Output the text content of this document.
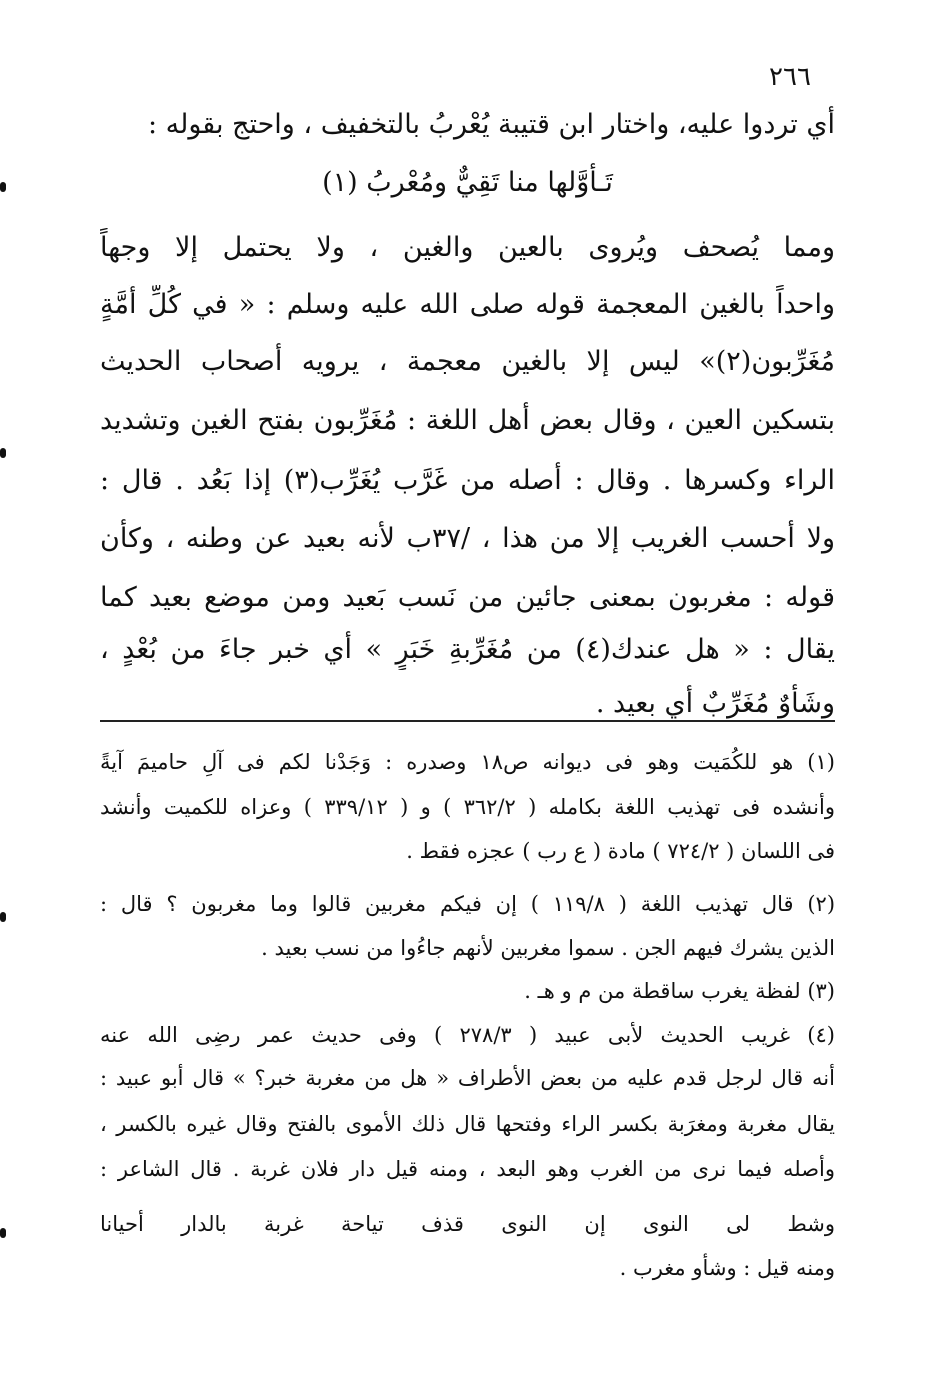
٢٦٦
أي تردوا عليه، واختار ابن قتيبة يُعْربُ بالتخفيف ، واحتج بقوله :
تَـأَوَّلها منا تَقِيٌّ ومُعْربُ (١)
ومما يُصحف ويُروى بالعين والغين ، ولا يحتمل إلا وجهاً
واحداً بالغين المعجمة قوله صلى الله عليه وسلم : « في كُلِّ أُمَّةٍ
مُغَرِّبون(٢)» ليس إلا بالغين معجمة ، يرويه أصحاب الحديث
بتسكين العين ، وقال بعض أهل اللغة : مُغَرِّبون بفتح الغين وتشديد
الراء وكسرها . وقال : أصله من غَرَّب يُغَرِّب(٣) إذا بَعُد . قال :
ولا أحسب الغريب إلا من هذا ، /٣٧ب لأنه بعيد عن وطنه ، وكأن
قوله : مغربون بمعنى جائين من نَسب بَعيد ومن موضع بعيد كما
يقال : « هل عندك(٤) من مُغَرِّبةِ خَبَرٍ » أي خبر جاءَ من بُعْدٍ ،
وشَأْوٌ مُغَرِّبٌ أي بعيد .
(١) هو للكُمَيت وهو فى ديوانه ص١٨ وصدره : وَجَدْنا لكم فى آلِ حاميمَ آيةً
وأنشده فى تهذيب اللغة بكامله ( ٣٦٢/٢ ) و ( ٣٣٩/١٢ ) وعزاه للكميت وأنشد
فى اللسان ( ٧٢٤/٢ ) مادة ( ع رب ) عجزه فقط .
(٢) قال تهذيب اللغة ( ١١٩/٨ ) إن فيكم مغربين قالوا وما مغربون ؟ قال :
الذين يشرك فيهم الجن . سموا مغربين لأنهم جاءُوا من نسب بعيد .
(٣) لفظة يغرب ساقطة من م و هـ .
(٤) غريب الحديث لأبى عبيد ( ٢٧٨/٣ ) وفى حديث عمر رضِى الله عنه
أنه قال لرجل قدم عليه من بعض الأطراف « هل من مغربة خبر؟ » قال أبو عبيد :
يقال مغربة ومغرَبة بكسر الراء وفتحها قال ذلك الأموى بالفتح وقال غيره بالكسر ،
وأصله فيما نرى من الغرب وهو البعد ، ومنه قيل دار فلان غربة . قال الشاعر :
وشط لى النوى إن النوى قذف تياحة غربة بالدار أحيانا
ومنه قيل : وشأو مغرب .
